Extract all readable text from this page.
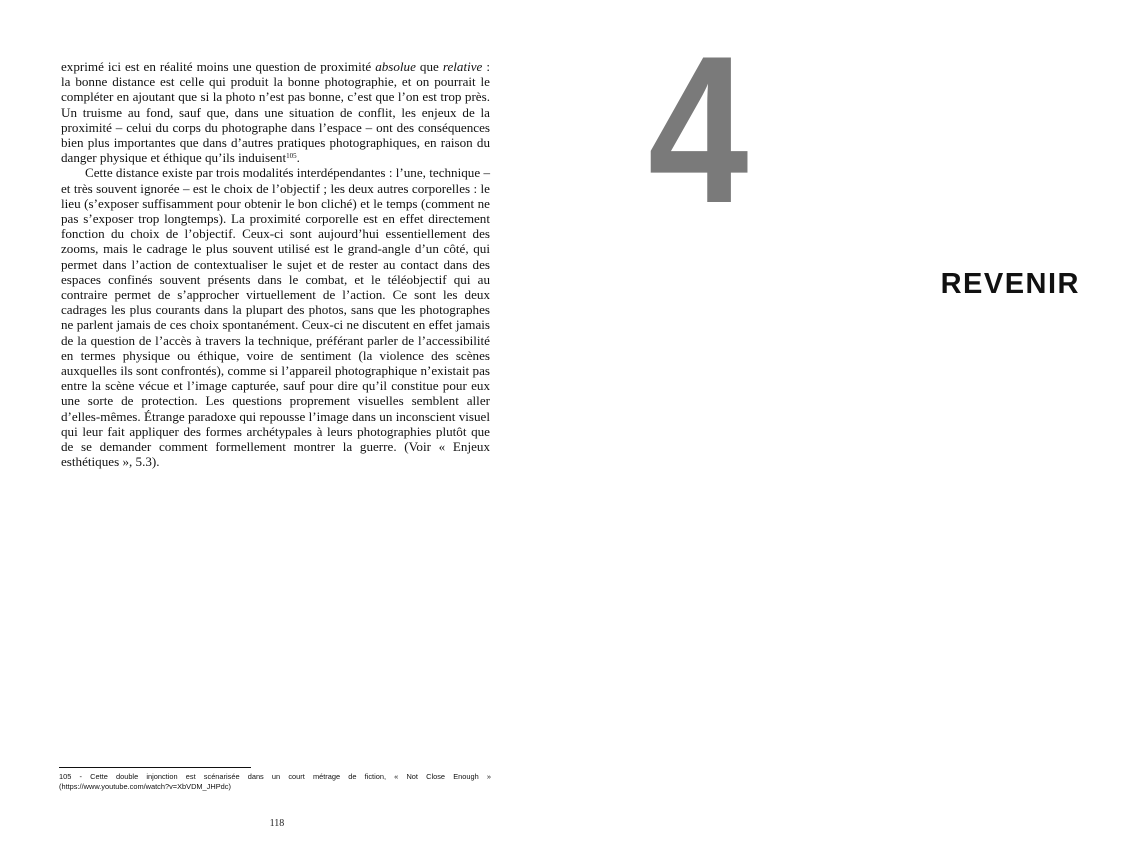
exprimé ici est en réalité moins une question de proximité absolue que relative : la bonne distance est celle qui produit la bonne photographie, et on pourrait le compléter en ajoutant que si la photo n’est pas bonne, c’est que l’on est trop près. Un truisme au fond, sauf que, dans une situation de conflit, les enjeux de la proximité – celui du corps du photographe dans l’espace – ont des conséquences bien plus importantes que dans d’autres pratiques photographiques, en raison du danger physique et éthique qu’ils induisent$^{105}$.

Cette distance existe par trois modalités interdépendantes : l’une, technique – et très souvent ignorée – est le choix de l’objectif ; les deux autres corporelles : le lieu (s’exposer suffisamment pour obtenir le bon cliché) et le temps (comment ne pas s’exposer trop longtemps). La proximité corporelle est en effet directement fonction du choix de l’objectif. Ceux-ci sont aujourd’hui essentiellement des zooms, mais le cadrage le plus souvent utilisé est le grand-angle d’un côté, qui permet dans l’action de contextualiser le sujet et de rester au contact dans des espaces confinés souvent présents dans le combat, et le téléobjectif qui au contraire permet de s’approcher virtuellement de l’action. Ce sont les deux cadrages les plus courants dans la plupart des photos, sans que les photographes ne parlent jamais de ces choix spontanément. Ceux-ci ne discutent en effet jamais de la question de l’accès à travers la technique, préférant parler de l’accessibilité en termes physique ou éthique, voire de sentiment (la violence des scènes auxquelles ils sont confrontés), comme si l’appareil photographique n’existait pas entre la scène vécue et l’image capturée, sauf pour dire qu’il constitue pour eux une sorte de protection. Les questions proprement visuelles semblent aller d’elles-mêmes. Étrange paradoxe qui repousse l’image dans un inconscient visuel qui leur fait appliquer des formes archétypales à leurs photographies plutôt que de se demander comment formellement montrer la guerre. (Voir « Enjeux esthétiques », 5.3).

105 - Cette double injonction est scénarisée dans un court métrage de fiction, « Not Close Enough » (https://www.youtube.com/watch?v=XbVDM_JHPdc)
118
4
REVENIR
